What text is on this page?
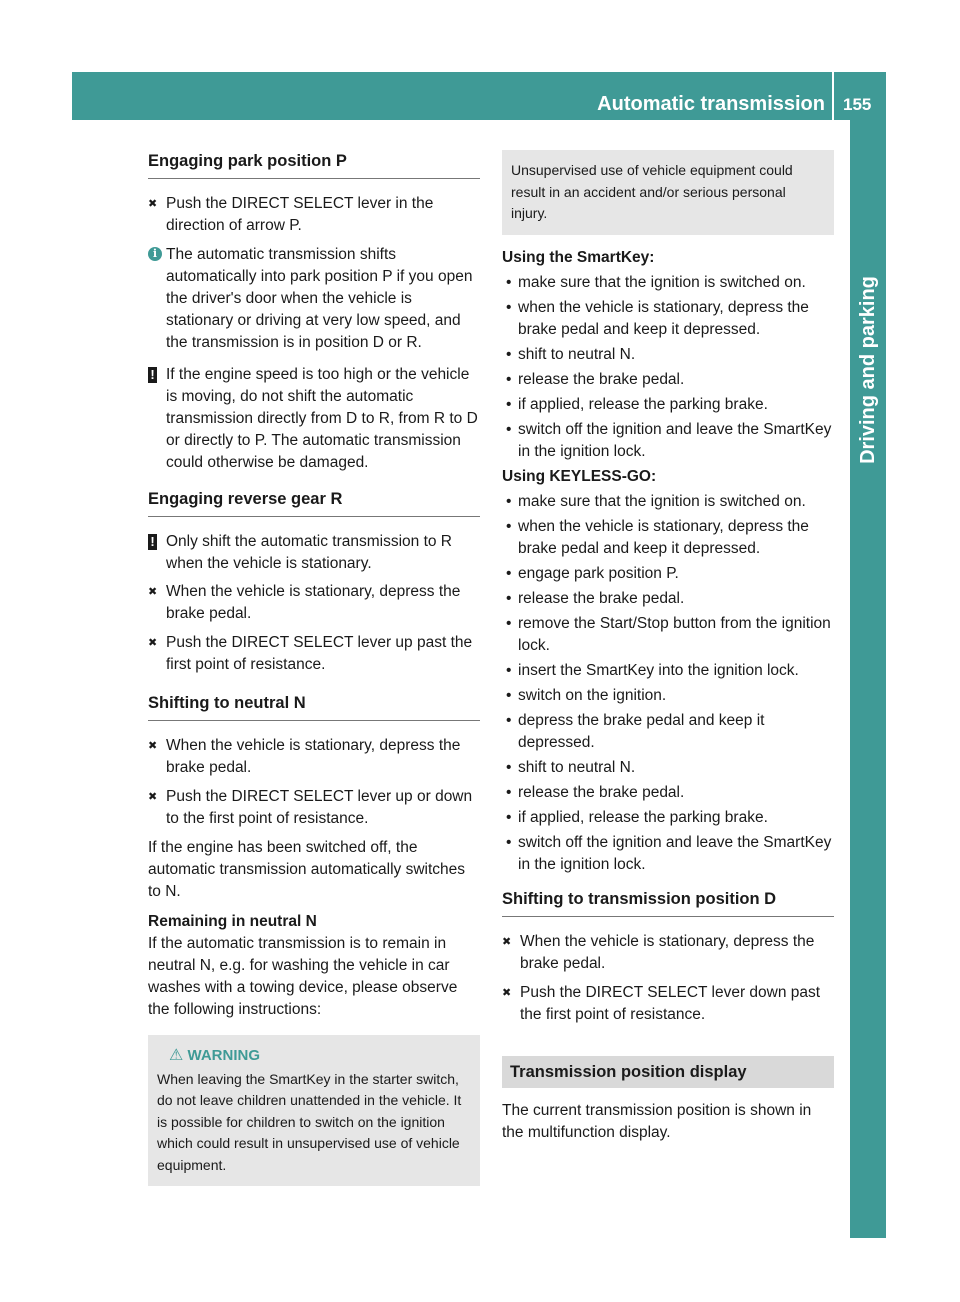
Automatic transmission 155
Driving and parking
Engaging park position P
✖ Push the DIRECT SELECT lever in the direction of arrow P.
i The automatic transmission shifts automatically into park position P if you open the driver's door when the vehicle is stationary or driving at very low speed, and the transmission is in position D or R.
! If the engine speed is too high or the vehicle is moving, do not shift the automatic transmission directly from D to R, from R to D or directly to P. The automatic transmission could otherwise be damaged.
Engaging reverse gear R
! Only shift the automatic transmission to R when the vehicle is stationary.
✖ When the vehicle is stationary, depress the brake pedal.
✖ Push the DIRECT SELECT lever up past the first point of resistance.
Shifting to neutral N
✖ When the vehicle is stationary, depress the brake pedal.
✖ Push the DIRECT SELECT lever up or down to the first point of resistance.
If the engine has been switched off, the automatic transmission automatically switches to N.
Remaining in neutral N
If the automatic transmission is to remain in neutral N, e.g. for washing the vehicle in car washes with a towing device, please observe the following instructions:
⚠ WARNING
When leaving the SmartKey in the starter switch, do not leave children unattended in the vehicle. It is possible for children to switch on the ignition which could result in unsupervised use of vehicle equipment.
Unsupervised use of vehicle equipment could result in an accident and/or serious personal injury.
Using the SmartKey:
• make sure that the ignition is switched on.
• when the vehicle is stationary, depress the brake pedal and keep it depressed.
• shift to neutral N.
• release the brake pedal.
• if applied, release the parking brake.
• switch off the ignition and leave the SmartKey in the ignition lock.
Using KEYLESS-GO:
• make sure that the ignition is switched on.
• when the vehicle is stationary, depress the brake pedal and keep it depressed.
• engage park position P.
• release the brake pedal.
• remove the Start/Stop button from the ignition lock.
• insert the SmartKey into the ignition lock.
• switch on the ignition.
• depress the brake pedal and keep it depressed.
• shift to neutral N.
• release the brake pedal.
• if applied, release the parking brake.
• switch off the ignition and leave the SmartKey in the ignition lock.
Shifting to transmission position D
✖ When the vehicle is stationary, depress the brake pedal.
✖ Push the DIRECT SELECT lever down past the first point of resistance.
Transmission position display
The current transmission position is shown in the multifunction display.
